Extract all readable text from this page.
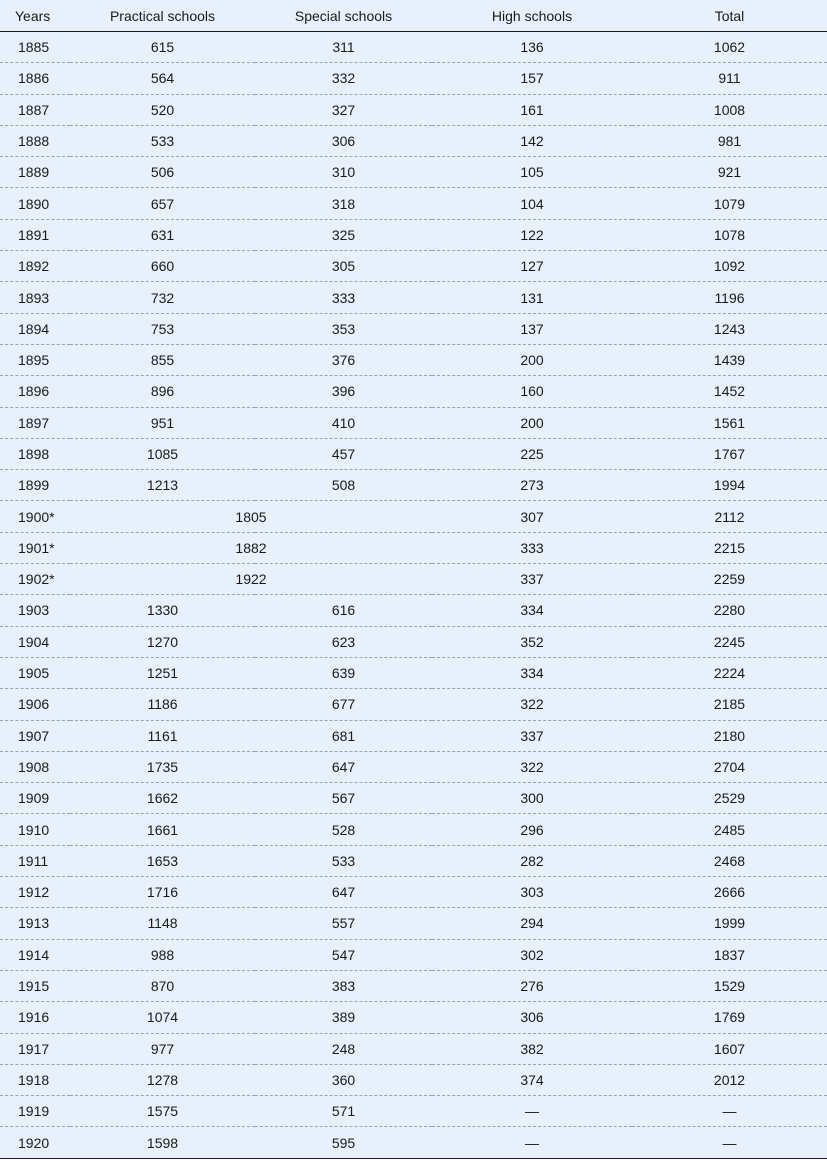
Years	Practical schools	Special schools	High schools	Total
1885	615	311	136	1062
1886	564	332	157	911
1887	520	327	161	1008
1888	533	306	142	981
1889	506	310	105	921
1890	657	318	104	1079
1891	631	325	122	1078
1892	660	305	127	1092
1893	732	333	131	1196
1894	753	353	137	1243
1895	855	376	200	1439
1896	896	396	160	1452
1897	951	410	200	1561
1898	1085	457	225	1767
1899	1213	508	273	1994
1900*	1805		307	2112
1901*	1882		333	2215
1902*	1922		337	2259
1903	1330	616	334	2280
1904	1270	623	352	2245
1905	1251	639	334	2224
1906	1186	677	322	2185
1907	1161	681	337	2180
1908	1735	647	322	2704
1909	1662	567	300	2529
1910	1661	528	296	2485
1911	1653	533	282	2468
1912	1716	647	303	2666
1913	1148	557	294	1999
1914	988	547	302	1837
1915	870	383	276	1529
1916	1074	389	306	1769
1917	977	248	382	1607
1918	1278	360	374	2012
1919	1575	571	—	—
1920	1598	595	—	—
